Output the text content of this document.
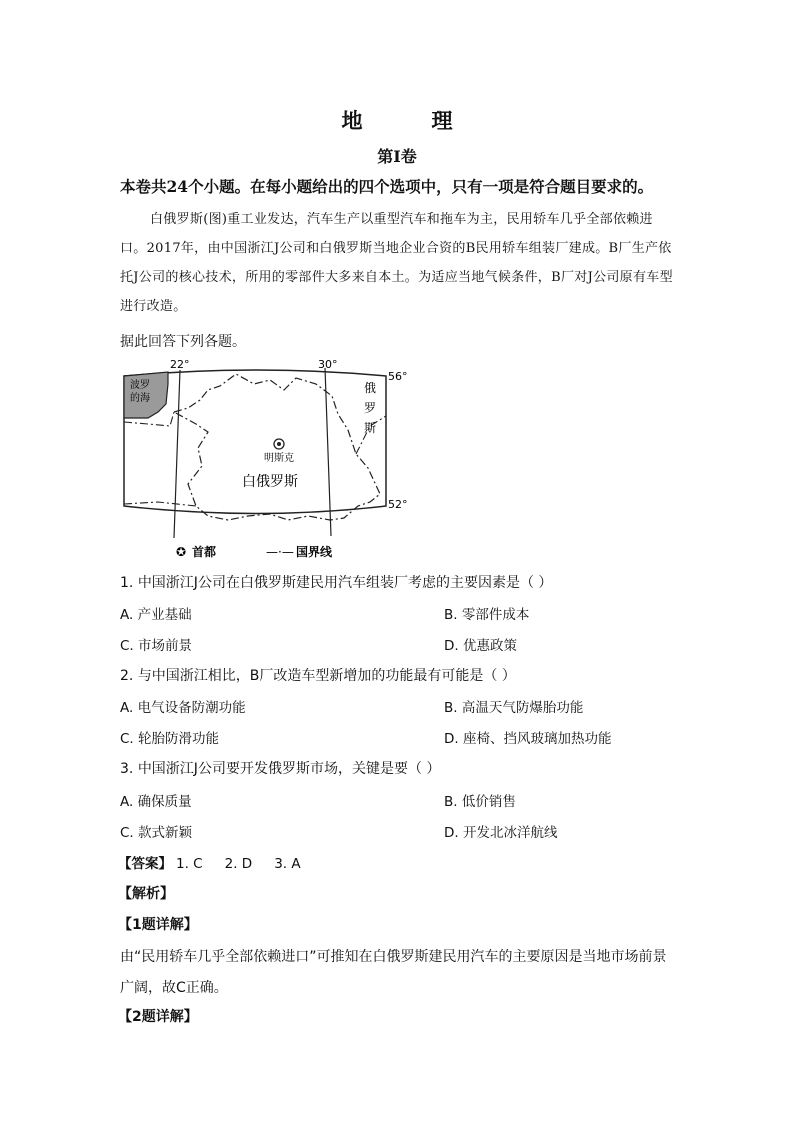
地　理
第Ⅰ卷
本卷共24个小题。在每小题给出的四个选项中，只有一项是符合题目要求的。
白俄罗斯(图)重工业发达，汽车生产以重型汽车和拖车为主，民用轿车几乎全部依赖进口。2017年，由中国浙江J公司和白俄罗斯当地企业合资的B民用轿车组装厂建成。B厂生产依托J公司的核心技术，所用的零部件大多来自本土。为适应当地气候条件，B厂对J公司原有车型进行改造。
据此回答下列各题。
22°	30°
56°
52°
波罗
的海
俄
罗
斯
明斯克
白俄罗斯
✪ 首都	—·— 国界线
1. 中国浙江J公司在白俄罗斯建民用汽车组装厂考虑的主要因素是（ ）
A. 产业基础	B. 零部件成本
C. 市场前景	D. 优惠政策
2. 与中国浙江相比，B厂改造车型新增加的功能最有可能是（ ）
A. 电气设备防潮功能	B. 高温天气防爆胎功能
C. 轮胎防滑功能	D. 座椅、挡风玻璃加热功能
3. 中国浙江J公司要开发俄罗斯市场，关键是要（ ）
A. 确保质量	B. 低价销售
C. 款式新颖	D. 开发北冰洋航线
【答案】 1. C 2. D 3. A
【解析】
【1题详解】
由“民用轿车几乎全部依赖进口”可推知在白俄罗斯建民用汽车的主要原因是当地市场前景广阔，故C正确。
【2题详解】
